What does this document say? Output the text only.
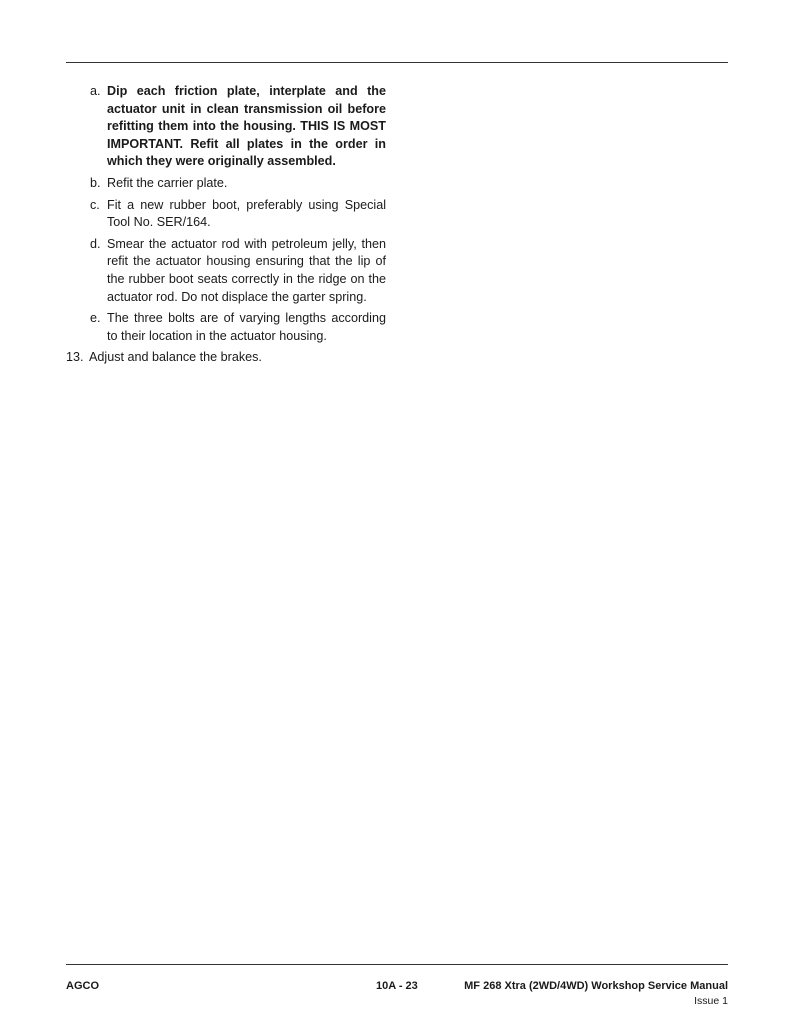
a. Dip each friction plate, interplate and the actuator unit in clean transmission oil before refitting them into the housing. THIS IS MOST IMPORTANT. Refit all plates in the order in which they were originally assembled.
b. Refit the carrier plate.
c. Fit a new rubber boot, preferably using Special Tool No. SER/164.
d. Smear the actuator rod with petroleum jelly, then refit the actuator housing ensuring that the lip of the rubber boot seats correctly in the ridge on the actuator rod. Do not displace the garter spring.
e. The three bolts are of varying lengths according to their location in the actuator housing.
13. Adjust and balance the brakes.
AGCO	10A - 23	MF 268 Xtra (2WD/4WD) Workshop Service Manual
Issue 1
